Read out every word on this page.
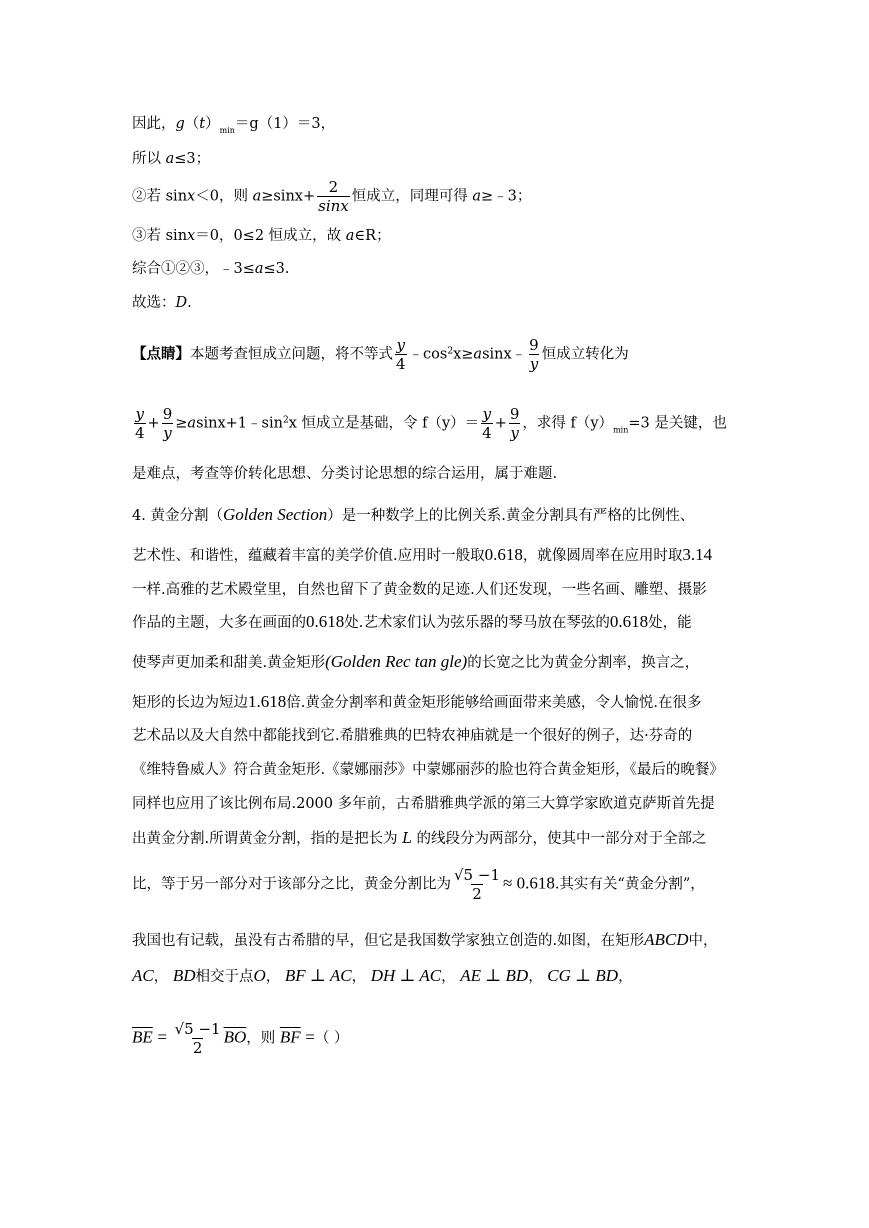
因此，$g(t)_{min}=g(1)=3$，
所以 a≤3；
②若 sinx＜0，则 $a\ge\sin x+ \frac{2}{\sin x}$ 恒成立，同理可得 a≥﹣3；
③若 sinx＝0，0≤2 恒成立，故 a∈R；
综合①②③，﹣3≤a≤3.
故选：D.
【点睛】本题考查恒成立问题，将不等式 $\frac{y}{4}$ $﹣\cos^2x\ge asinx﹣ \frac{9}{y}$ 恒成立转化为
$\frac{y}{4} + \frac{9}{y}$ $\ge asinx+1﹣\sin^2x$ 恒成立是基础，令 $f(y)= \frac{y}{4} + \frac{9}{y}$ ，求得 $f(y)_{min}=3$ 是关键，也
是难点，考查等价转化思想、分类讨论思想的综合运用，属于难题.
4. 黄金分割（Golden Section）是一种数学上的比例关系.黄金分割具有严格的比例性、
艺术性、和谐性，蕴藏着丰富的美学价值.应用时一般取0.618，就像圆周率在应用时取3.14
一样.高雅的艺术殿堂里，自然也留下了黄金数的足迹.人们还发现，一些名画、雕塑、摄影
作品的主题，大多在画面的0.618处.艺术家们认为弦乐器的琴马放在琴弦的0.618处，能
使琴声更加柔和甜美.黄金矩形(Golden Rec tan gle)的长宽之比为黄金分割率，换言之，
矩形的长边为短边1.618倍.黄金分割率和黄金矩形能够给画面带来美感，令人愉悦.在很多
艺术品以及大自然中都能找到它.希腊雅典的巴特农神庙就是一个很好的例子，达·芬奇的
《维特鲁威人》符合黄金矩形.《蒙娜丽莎》中蒙娜丽莎的脸也符合黄金矩形，《最后的晚餐》
同样也应用了该比例布局.2000 多年前，古希腊雅典学派的第三大算学家欧道克萨斯首先提
出黄金分割.所谓黄金分割，指的是把长为 L 的线段分为两部分，使其中一部分对于全部之
比，等于另一部分对于该部分之比，黄金分割比为 $\frac{√5 -1}{2} \approx 0.618$.其实有关“黄金分割”，
我国也有记载，虽没有古希腊的早，但它是我国数学家独立创造的.如图，在矩形ABCD中，
AC， BD相交于点O， BF ⊥ AC， DH ⊥ AC， AE ⊥ BD， CG ⊥ BD，
$\overline{BE} = \frac{√5 -1}{2} \overline{BO}$，则 $\overline{BF}$ =（ ）
